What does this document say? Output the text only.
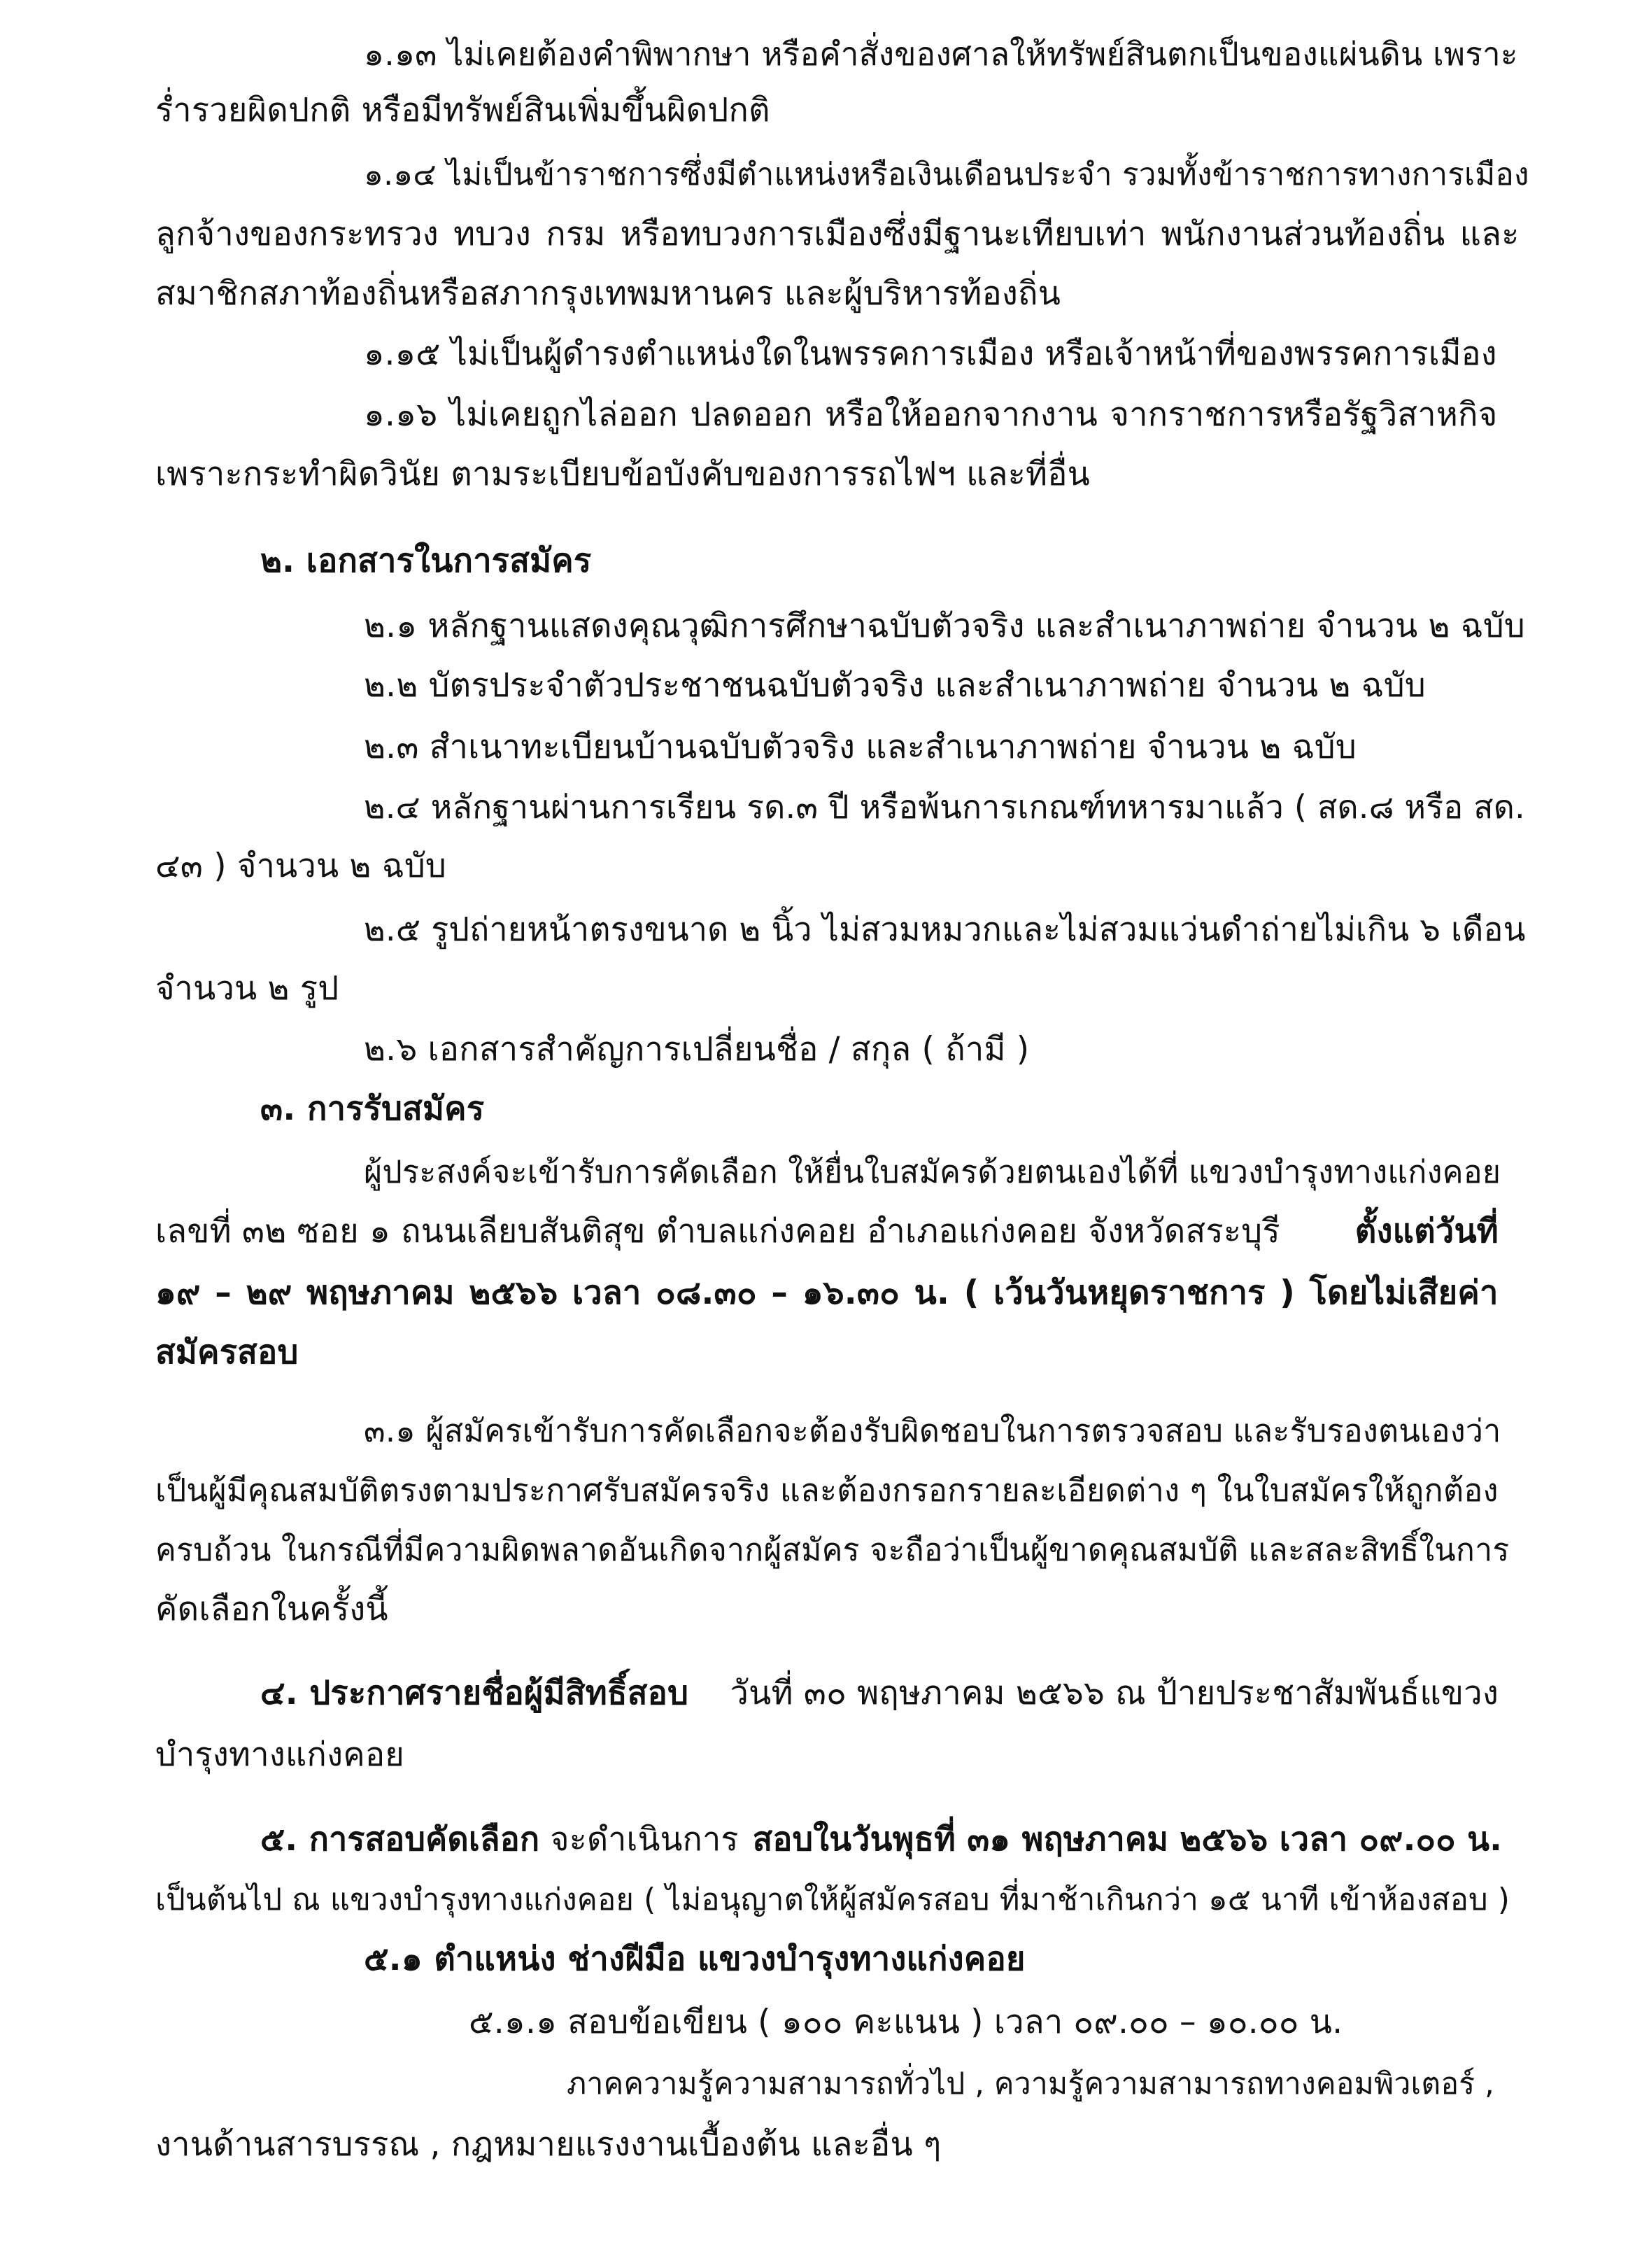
๑.๑๓ ไม่เคยต้องคำพิพากษา หรือคำสั่งของศาลให้ทรัพย์สินตกเป็นของแผ่นดิน เพราะ
ร่ำรวยผิดปกติ หรือมีทรัพย์สินเพิ่มขึ้นผิดปกติ
๑.๑๔ ไม่เป็นข้าราชการซึ่งมีตำแหน่งหรือเงินเดือนประจำ รวมทั้งข้าราชการทางการเมือง
ลูกจ้างของกระทรวง ทบวง กรม หรือทบวงการเมืองซึ่งมีฐานะเทียบเท่า พนักงานส่วนท้องถิ่น และ
สมาชิกสภาท้องถิ่นหรือสภากรุงเทพมหานคร และผู้บริหารท้องถิ่น
๑.๑๕ ไม่เป็นผู้ดำรงตำแหน่งใดในพรรคการเมือง หรือเจ้าหน้าที่ของพรรคการเมือง
๑.๑๖ ไม่เคยถูกไล่ออก ปลดออก หรือให้ออกจากงาน จากราชการหรือรัฐวิสาหกิจ
เพราะกระทำผิดวินัย ตามระเบียบข้อบังคับของการรถไฟฯ และที่อื่น
๒. เอกสารในการสมัคร
๒.๑ หลักฐานแสดงคุณวุฒิการศึกษาฉบับตัวจริง และสำเนาภาพถ่าย จำนวน ๒ ฉบับ
๒.๒ บัตรประจำตัวประชาชนฉบับตัวจริง และสำเนาภาพถ่าย จำนวน ๒ ฉบับ
๒.๓ สำเนาทะเบียนบ้านฉบับตัวจริง และสำเนาภาพถ่าย จำนวน ๒ ฉบับ
๒.๔ หลักฐานผ่านการเรียน รด.๓ ปี หรือพ้นการเกณฑ์ทหารมาแล้ว ( สด.๘ หรือ สด.
๔๓ ) จำนวน ๒ ฉบับ
๒.๕ รูปถ่ายหน้าตรงขนาด ๒ นิ้ว ไม่สวมหมวกและไม่สวมแว่นดำถ่ายไม่เกิน ๖ เดือน
จำนวน ๒ รูป
๒.๖ เอกสารสำคัญการเปลี่ยนชื่อ / สกุล ( ถ้ามี )
๓. การรับสมัคร
ผู้ประสงค์จะเข้ารับการคัดเลือก ให้ยื่นใบสมัครด้วยตนเองได้ที่ แขวงบำรุงทางแก่งคอย
เลขที่ ๓๒ ซอย ๑ ถนนเลียบสันติสุข ตำบลแก่งคอย อำเภอแก่งคอย จังหวัดสระบุรี ตั้งแต่วันที่
๑๙ – ๒๙ พฤษภาคม ๒๕๖๖ เวลา ๐๘.๓๐ – ๑๖.๓๐ น. ( เว้นวันหยุดราชการ ) โดยไม่เสียค่า
สมัครสอบ
๓.๑ ผู้สมัครเข้ารับการคัดเลือกจะต้องรับผิดชอบในการตรวจสอบ และรับรองตนเองว่า
เป็นผู้มีคุณสมบัติตรงตามประกาศรับสมัครจริง และต้องกรอกรายละเอียดต่าง ๆ ในใบสมัครให้ถูกต้อง
ครบถ้วน ในกรณีที่มีความผิดพลาดอันเกิดจากผู้สมัคร จะถือว่าเป็นผู้ขาดคุณสมบัติ และสละสิทธิ์ในการ
คัดเลือกในครั้งนี้
๔. ประกาศรายชื่อผู้มีสิทธิ์สอบ วันที่ ๓๐ พฤษภาคม ๒๕๖๖ ณ ป้ายประชาสัมพันธ์แขวง
บำรุงทางแก่งคอย
๕. การสอบคัดเลือก จะดำเนินการ สอบในวันพุธที่ ๓๑ พฤษภาคม ๒๕๖๖ เวลา ๐๙.๐๐ น.
เป็นต้นไป ณ แขวงบำรุงทางแก่งคอย ( ไม่อนุญาตให้ผู้สมัครสอบ ที่มาช้าเกินกว่า ๑๕ นาที เข้าห้องสอบ )
๕.๑ ตำแหน่ง ช่างฝีมือ แขวงบำรุงทางแก่งคอย
๕.๑.๑ สอบข้อเขียน ( ๑๐๐ คะแนน ) เวลา ๐๙.๐๐ – ๑๐.๐๐ น.
ภาคความรู้ความสามารถทั่วไป , ความรู้ความสามารถทางคอมพิวเตอร์ ,
งานด้านสารบรรณ , กฎหมายแรงงานเบื้องต้น และอื่น ๆ
